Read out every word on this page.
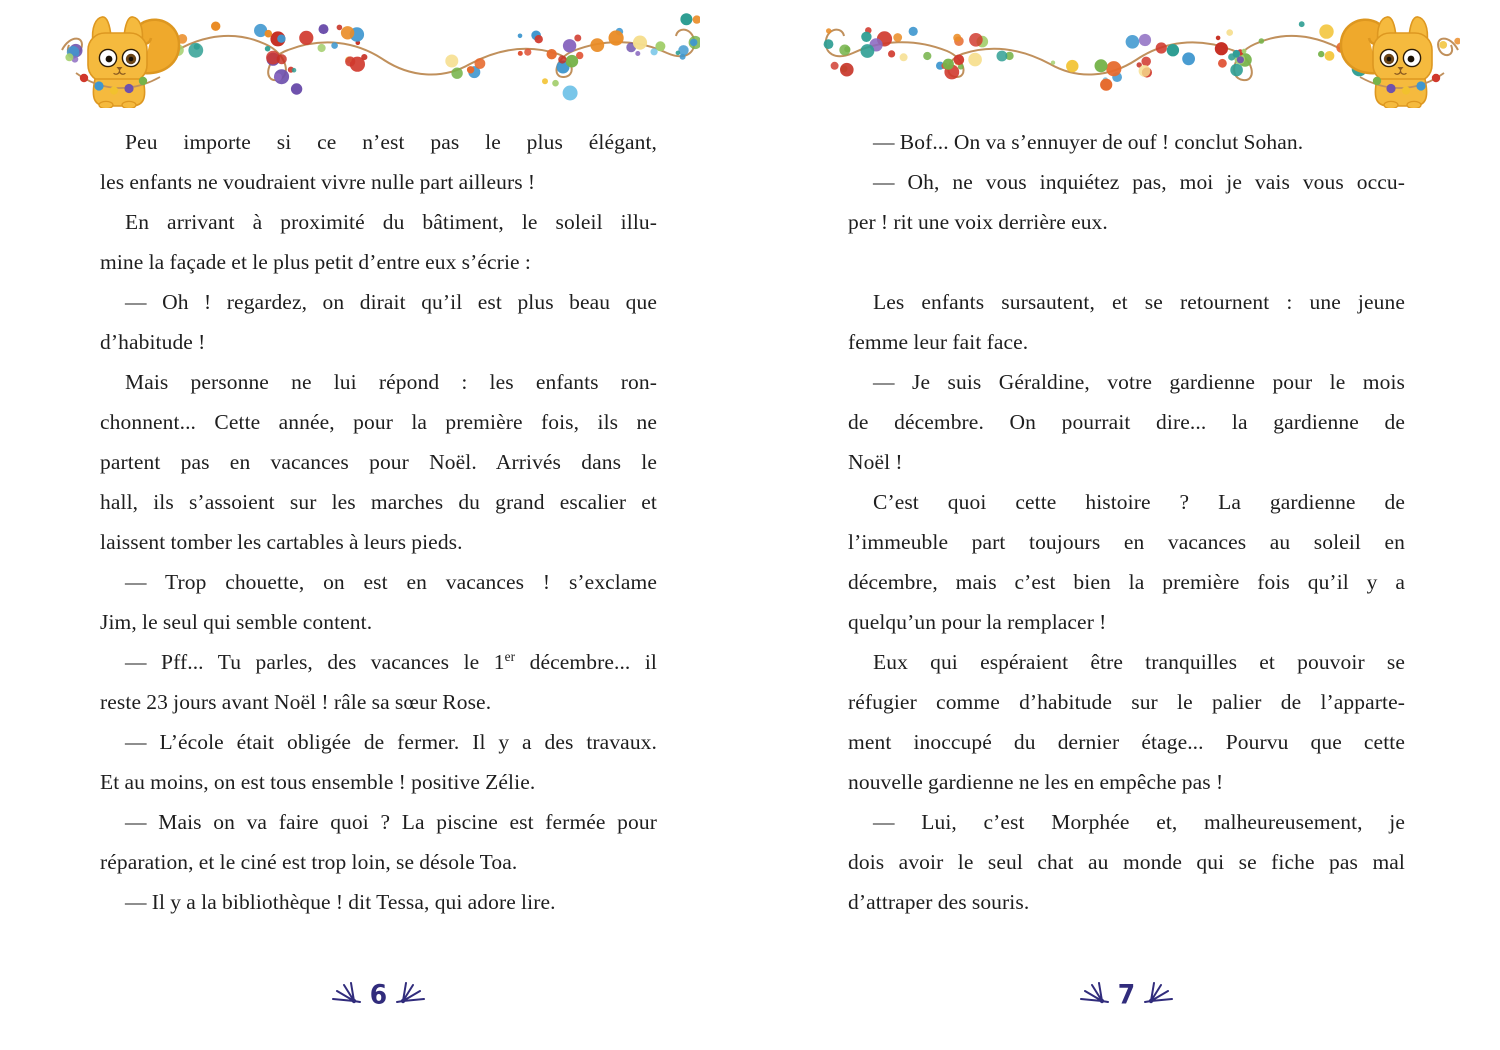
Peu importe si ce n’est pas le plus élégant,
les enfants ne voudraient vivre nulle part ailleurs !
En arrivant à proximité du bâtiment, le soleil illu-
mine la façade et le plus petit d’entre eux s’écrie :
— Oh ! regardez, on dirait qu’il est plus beau que
d’habitude !
Mais personne ne lui répond : les enfants ron-
chonnent... Cette année, pour la première fois, ils ne
partent pas en vacances pour Noël. Arrivés dans le
hall, ils s’assoient sur les marches du grand escalier et
laissent tomber les cartables à leurs pieds.
— Trop chouette, on est en vacances ! s’exclame
Jim, le seul qui semble content.
— Pff... Tu parles, des vacances le 1er décembre... il
reste 23 jours avant Noël ! râle sa sœur Rose.
— L’école était obligée de fermer. Il y a des travaux.
Et au moins, on est tous ensemble ! positive Zélie.
— Mais on va faire quoi ? La piscine est fermée pour
réparation, et le ciné est trop loin, se désole Toa.
— Il y a la bibliothèque ! dit Tessa, qui adore lire.
6
— Bof... On va s’ennuyer de ouf ! conclut Sohan.
— Oh, ne vous inquiétez pas, moi je vais vous occu-
per ! rit une voix derrière eux.
Les enfants sursautent, et se retournent : une jeune
femme leur fait face.
— Je suis Géraldine, votre gardienne pour le mois
de décembre. On pourrait dire... la gardienne de
Noël !
C’est quoi cette histoire ? La gardienne de
l’immeuble part toujours en vacances au soleil en
décembre, mais c’est bien la première fois qu’il y a
quelqu’un pour la remplacer !
Eux qui espéraient être tranquilles et pouvoir se
réfugier comme d’habitude sur le palier de l’apparte-
ment inoccupé du dernier étage... Pourvu que cette
nouvelle gardienne ne les en empêche pas !
— Lui, c’est Morphée et, malheureusement, je
dois avoir le seul chat au monde qui se fiche pas mal
d’attraper des souris.
7
